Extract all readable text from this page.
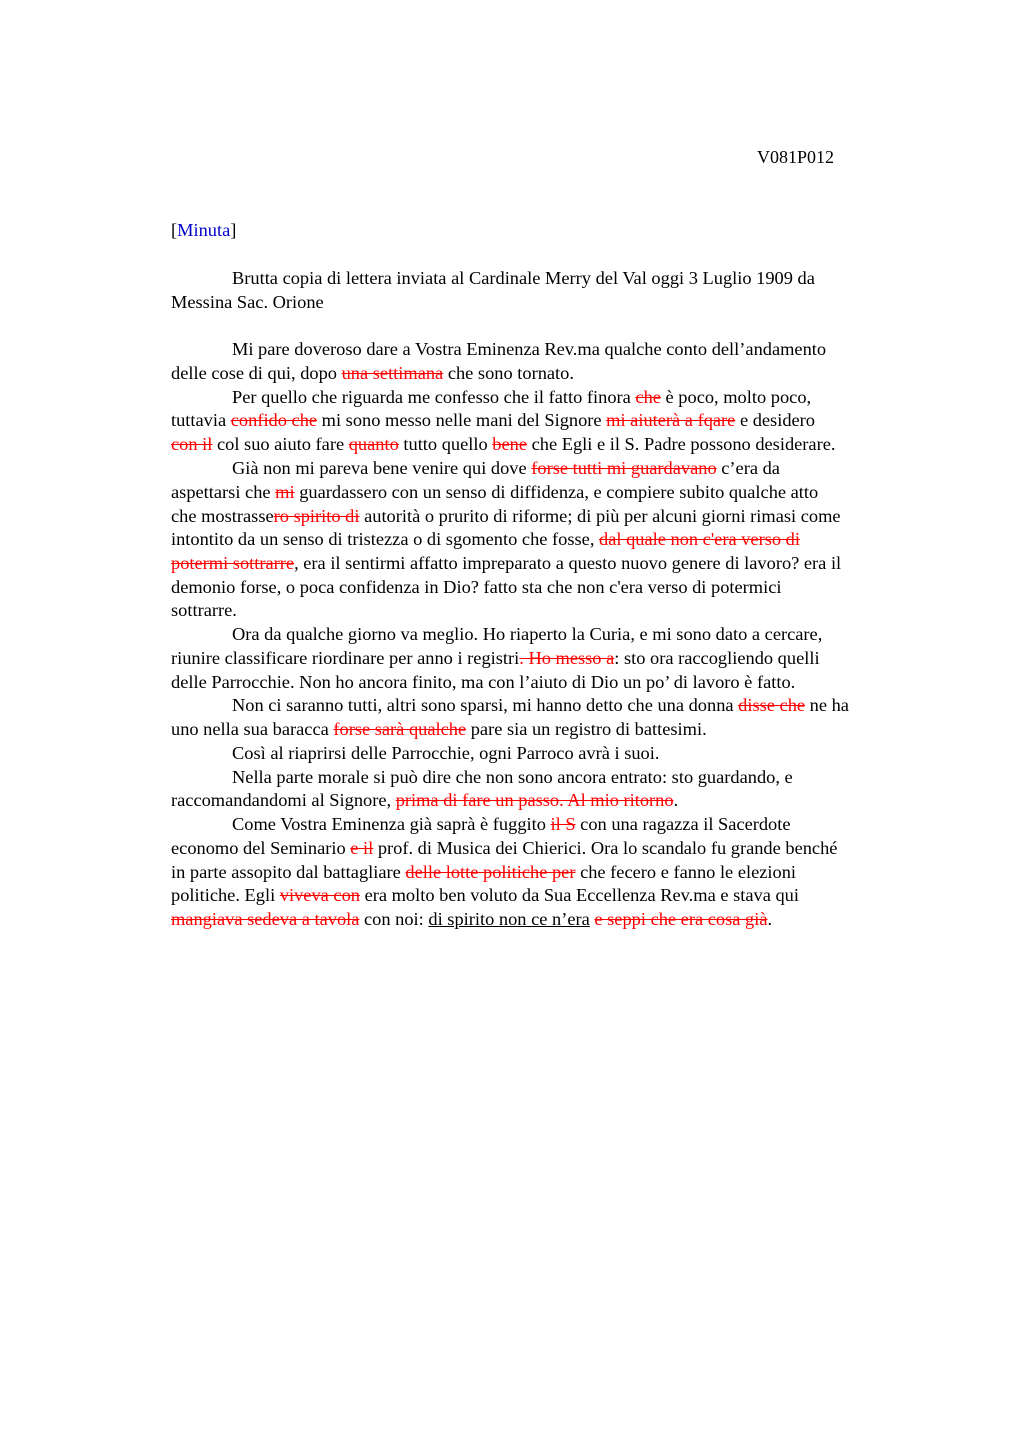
V081P012
[Minuta]
Brutta copia di lettera inviata al Cardinale Merry del Val oggi 3 Luglio 1909 da
Messina Sac. Orione
Mi pare doveroso dare a Vostra Eminenza Rev.ma qualche conto dell’andamento
delle cose di qui, dopo una settimana che sono tornato.
Per quello che riguarda me confesso che il fatto finora che è poco, molto poco,
tuttavia confido che mi sono messo nelle mani del Signore mi aiuterà a fqare e desidero
con il col suo aiuto fare quanto tutto quello bene che Egli e il S. Padre possono desiderare.
Già non mi pareva bene venire qui dove forse tutti mi guardavano c’era da
aspettarsi che mi guardassero con un senso di diffidenza, e compiere subito qualche atto
che mostrassero spirito di autorità o prurito di riforme; di più per alcuni giorni rimasi come
intontito da un senso di tristezza o di sgomento che fosse, dal quale non c'era verso di
potermi sottrarre, era il sentirmi affatto impreparato a questo nuovo genere di lavoro? era il
demonio forse, o poca confidenza in Dio? fatto sta che non c'era verso di potermici
sottrarre.
Ora da qualche giorno va meglio. Ho riaperto la Curia, e mi sono dato a cercare,
riunire classificare riordinare per anno i registri. Ho messo a: sto ora raccogliendo quelli
delle Parrocchie. Non ho ancora finito, ma con l’aiuto di Dio un po’ di lavoro è fatto.
Non ci saranno tutti, altri sono sparsi, mi hanno detto che una donna disse che ne ha
uno nella sua baracca forse sarà qualche pare sia un registro di battesimi.
Così al riaprirsi delle Parrocchie, ogni Parroco avrà i suoi.
Nella parte morale si può dire che non sono ancora entrato: sto guardando, e
raccomandandomi al Signore, prima di fare un passo. Al mio ritorno.
Come Vostra Eminenza già saprà è fuggito il S con una ragazza il Sacerdote
economo del Seminario e il prof. di Musica dei Chierici. Ora lo scandalo fu grande benché
in parte assopito dal battagliare delle lotte politiche per che fecero e fanno le elezioni
politiche. Egli viveva con era molto ben voluto da Sua Eccellenza Rev.ma e stava qui
mangiava sedeva a tavola con noi: di spirito non ce n’era e seppi che era cosa già.
